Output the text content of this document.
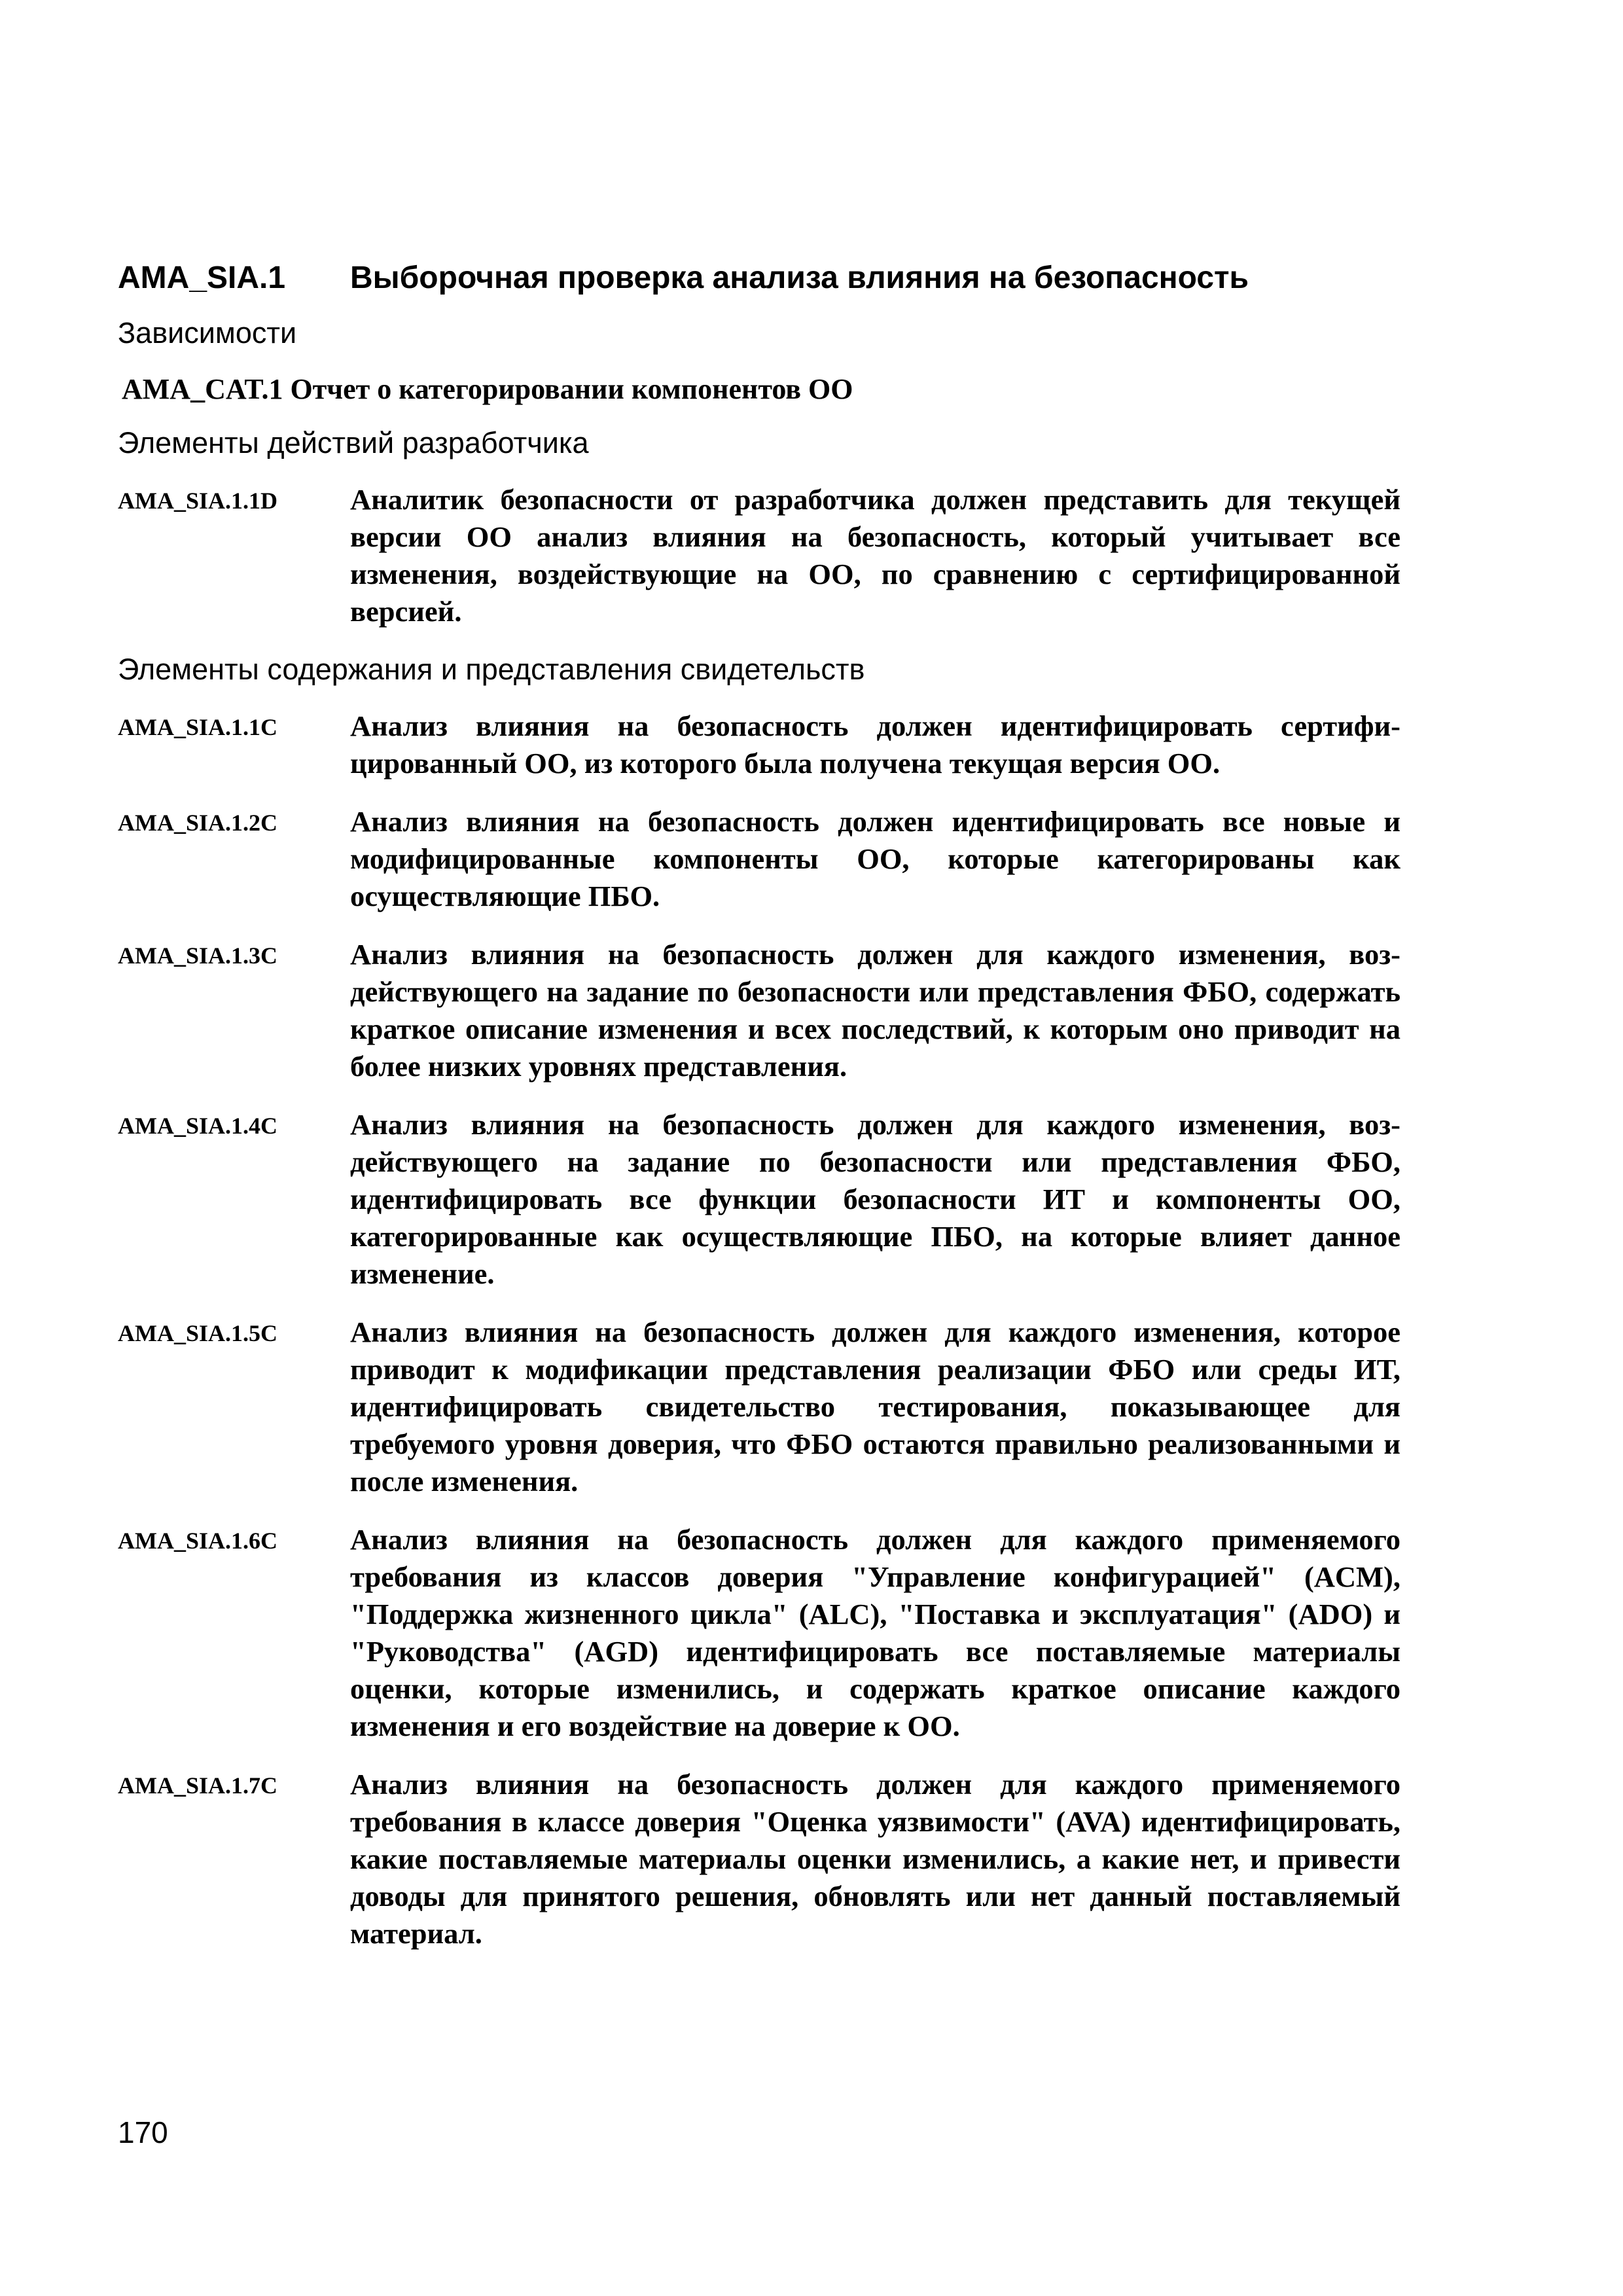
AMA_SIA.1	Выборочная проверка анализа влияния на безопасность
Зависимости
AMA_CAT.1 Отчет о категорировании компонентов ОО
Элементы действий разработчика
AMA_SIA.1.1D	Аналитик безопасности от разработчика должен представить для текущей версии ОО анализ влияния на безопасность, который учитывает все изменения, воздействующие на ОО, по сравнению с сертифицированной версией.
Элементы содержания и представления свидетельств
AMA_SIA.1.1C	Анализ влияния на безопасность должен идентифицировать сертифицированный ОО, из которого была получена текущая версия ОО.
AMA_SIA.1.2C	Анализ влияния на безопасность должен идентифицировать все новые и модифицированные компоненты ОО, которые категорированы как осуществляющие ПБО.
AMA_SIA.1.3C	Анализ влияния на безопасность должен для каждого изменения, воздействующего на задание по безопасности или представления ФБО, содержать краткое описание изменения и всех последствий, к которым оно приводит на более низких уровнях представления.
AMA_SIA.1.4C	Анализ влияния на безопасность должен для каждого изменения, воздействующего на задание по безопасности или представления ФБО, идентифицировать все функции безопасности ИТ и компоненты ОО, категорированные как осуществляющие ПБО, на которые влияет данное изменение.
AMA_SIA.1.5C	Анализ влияния на безопасность должен для каждого изменения, которое приводит к модификации представления реализации ФБО или среды ИТ, идентифицировать свидетельство тестирования, показывающее для требуемого уровня доверия, что ФБО остаются правильно реализованными и после изменения.
AMA_SIA.1.6C	Анализ влияния на безопасность должен для каждого применяемого требования из классов доверия "Управление конфигурацией" (ACM), "Поддержка жизненного цикла" (ALC), "Поставка и эксплуатация" (ADO) и "Руководства" (AGD) идентифицировать все поставляемые материалы оценки, которые изменились, и содержать краткое описание каждого изменения и его воздействие на доверие к ОО.
AMA_SIA.1.7C	Анализ влияния на безопасность должен для каждого применяемого требования в классе доверия "Оценка уязвимости" (AVA) идентифицировать, какие поставляемые материалы оценки изменились, а какие нет, и привести доводы для принятого решения, обновлять или нет данный поставляемый материал.
170
